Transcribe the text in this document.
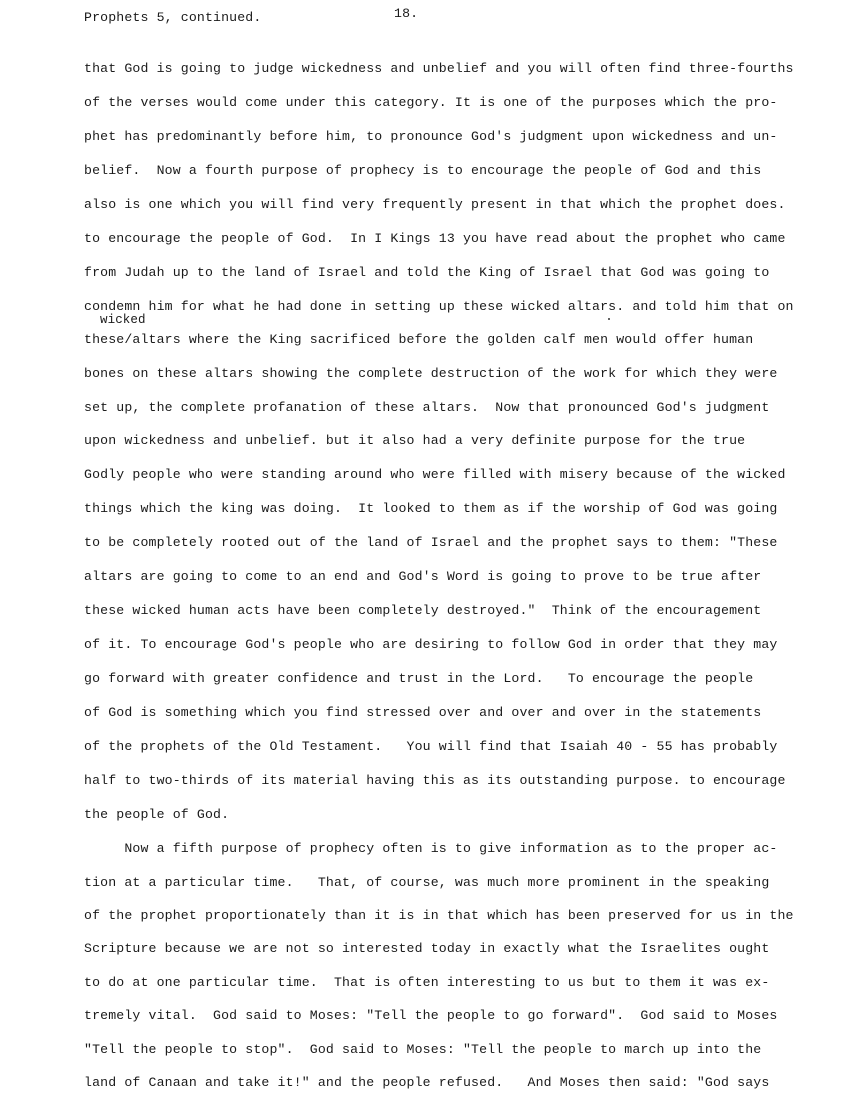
Prophets 5, continued.	18.
wicked
that God is going to judge wickedness and unbelief and you will often find three-fourths
of the verses would come under this category. It is one of the purposes which the pro-
phet has predominantly before him, to pronounce God's judgment upon wickedness and un-
belief.  Now a fourth purpose of prophecy is to encourage the people of God and this
also is one which you will find very frequently present in that which the prophet does.
to encourage the people of God.  In I Kings 13 you have read about the prophet who came
from Judah up to the land of Israel and told the King of Israel that God was going to
condemn him for what he had done in setting up these wicked altars. and told him that on
these/altars where the King sacrificed before the golden calf men would offer human
bones on these altars showing the complete destruction of the work for which they were
set up, the complete profanation of these altars.  Now that pronounced God's judgment
upon wickedness and unbelief. but it also had a very definite purpose for the true
Godly people who were standing around who were filled with misery because of the wicked
things which the king was doing.  It looked to them as if the worship of God was going
to be completely rooted out of the land of Israel and the prophet says to them: "These
altars are going to come to an end and God's Word is going to prove to be true after
these wicked human acts have been completely destroyed."  Think of the encouragement
of it. To encourage God's people who are desiring to follow God in order that they may
go forward with greater confidence and trust in the Lord.   To encourage the people
of God is something which you find stressed over and over and over in the statements
of the prophets of the Old Testament.   You will find that Isaiah 40 - 55 has probably
half to two-thirds of its material having this as its outstanding purpose. to encourage
the people of God.
Now a fifth purpose of prophecy often is to give information as to the proper ac-
tion at a particular time.   That, of course, was much more prominent in the speaking
of the prophet proportionately than it is in that which has been preserved for us in the
Scripture because we are not so interested today in exactly what the Israelites ought
to do at one particular time.  That is often interesting to us but to them it was ex-
tremely vital.  God said to Moses: "Tell the people to go forward".  God said to Moses
"Tell the people to stop".  God said to Moses: "Tell the people to march up into the
land of Canaan and take it!" and the people refused.   And Moses then said: "God says
